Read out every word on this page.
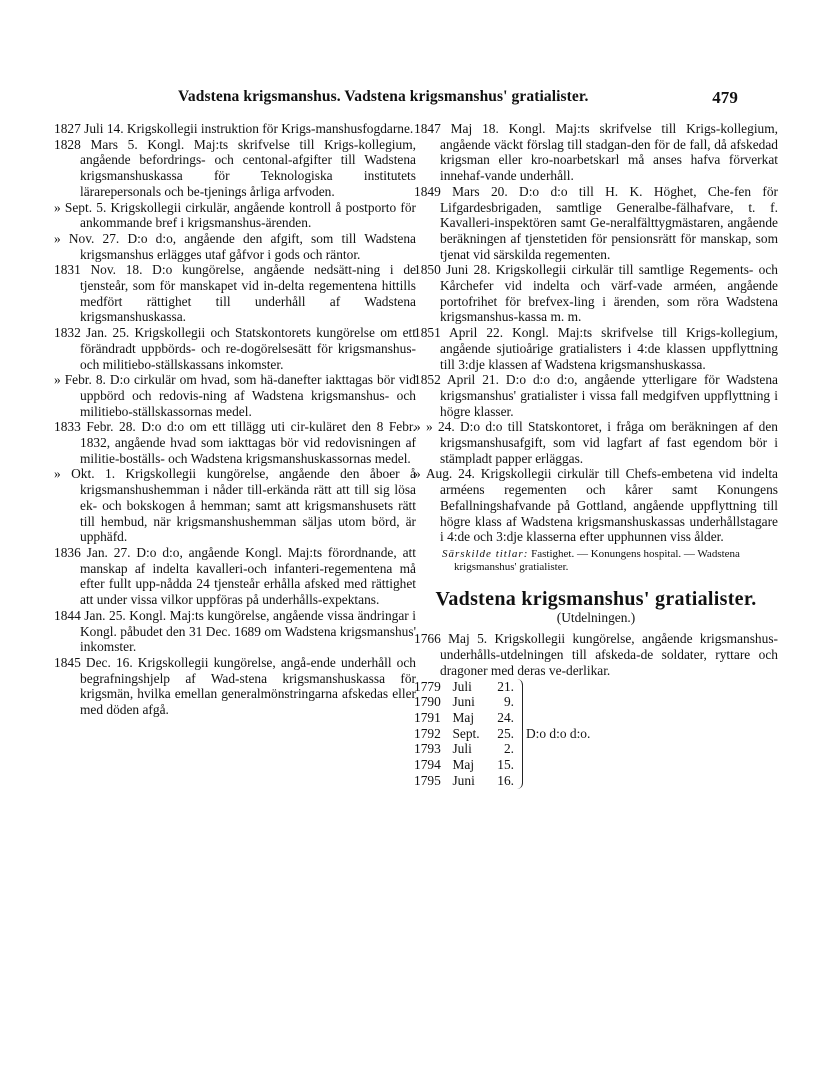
Vadstena krigsmanshus. Vadstena krigsmanshus' gratialister.	479

1827 Juli 14. Krigskollegii instruktion för Krigs-manshusfogdarne.

1828 Mars 5. Kongl. Maj:ts skrifvelse till Krigs-kollegium, angående befordrings- och centonal-afgifter till Wadstena krigsmanshuskassa för Teknologiska institutets lärarepersonals och be-tjenings årliga arfvoden.

» Sept. 5. Krigskollegii cirkulär, angående kontroll å postporto för ankommande bref i krigsmanshus-ärenden.

» Nov. 27. D:o d:o, angående den afgift, som till Wadstena krigsmanshus erlägges utaf gåfvor i gods och räntor.

1831 Nov. 18. D:o kungörelse, angående nedsätt-ning i de tjensteår, som för manskapet vid in-delta regementena hittills medfört rättighet till underhåll af Wadstena krigsmanshuskassa.

1832 Jan. 25. Krigskollegii och Statskontorets kungörelse om ett förändradt uppbörds- och re-dogörelsesätt för krigsmanshus- och militiebo-ställskassans inkomster.

» Febr. 8. D:o cirkulär om hvad, som hä-danefter iakttagas bör vid uppbörd och redovis-ning af Wadstena krigsmanshus- och militiebo-ställskassornas medel.

1833 Febr. 28. D:o d:o om ett tillägg uti cir-kuläret den 8 Febr. 1832, angående hvad som iakttagas bör vid redovisningen af militie-boställs- och Wadstena krigsmanshuskassornas medel.

» Okt. 1. Krigskollegii kungörelse, angående den åboer å krigsmanshushemman i nåder till-erkända rätt att till sig lösa ek- och bokskogen å hemman; samt att krigsmanshusets rätt till hembud, när krigsmanshushemman säljas utom börd, är upphäfd.

1836 Jan. 27. D:o d:o, angående Kongl. Maj:ts förordnande, att manskap af indelta kavalleri-och infanteri-regementena må efter fullt upp-nådda 24 tjensteår erhålla afsked med rättighet att under vissa vilkor uppföras på underhålls-expektans.

1844 Jan. 25. Kongl. Maj:ts kungörelse, angående vissa ändringar i Kongl. påbudet den 31 Dec. 1689 om Wadstena krigsmanshus' inkomster.

1845 Dec. 16. Krigskollegii kungörelse, angå-ende underhåll och begrafningshjelp af Wad-stena krigsmanshuskassa för krigsmän, hvilka emellan generalmönstringarna afskedas eller med döden afgå.

1847 Maj 18. Kongl. Maj:ts skrifvelse till Krigs-kollegium, angående väckt förslag till stadgan-den för de fall, då afskedad krigsman eller kro-noarbetskarl må anses hafva förverkat innehaf-vande underhåll.

1849 Mars 20. D:o d:o till H. K. Höghet, Che-fen för Lifgardesbrigaden, samtlige Generalbe-fälhafvare, t. f. Kavalleri-inspektören samt Ge-neralfälttygmästaren, angående beräkningen af tjenstetiden för pensionsrätt för manskap, som tjenat vid särskilda regementen.

1850 Juni 28. Krigskollegii cirkulär till samtlige Regements- och Kårchefer vid indelta och värf-vade arméen, angående portofrihet för brefvex-ling i ärenden, som röra Wadstena krigsmanshus-kassa m. m.

1851 April 22. Kongl. Maj:ts skrifvelse till Krigs-kollegium, angående sjutioårige gratialisters i 4:de klassen uppflyttning till 3:dje klassen af Wadstena krigsmanshuskassa.

1852 April 21. D:o d:o d:o, angående ytterligare för Wadstena krigsmanshus' gratialister i vissa fall medgifven uppflyttning i högre klasser.

» » 24. D:o d:o till Statskontoret, i fråga om beräkningen af den krigsmanshusafgift, som vid lagfart af fast egendom bör i stämpladt papper erläggas.

» Aug. 24. Krigskollegii cirkulär till Chefs-embetena vid indelta arméens regementen och kårer samt Konungens Befallningshafvande på Gottland, angående uppflyttning till högre klass af Wadstena krigsmanshuskassas underhållstagare i 4:de och 3:dje klasserna efter upphunnen viss ålder.

Särskilde titlar: Fastighet. — Konungens hospital. — Wadstena krigsmanshus' gratialister.

Vadstena krigsmanshus' gratialister.
(Utdelningen.)

1766 Maj 5. Krigskollegii kungörelse, angående krigsmanshus-underhålls-utdelningen till afskeda-de soldater, ryttare och dragoner med deras ve-derlikar.

1779 Juli	21.
1790 Juni	9.
1791 Maj	24.
1792 Sept.	25.
1793 Juli	2.
1794 Maj	15.
1795 Juni	16.
D:o d:o d:o.
